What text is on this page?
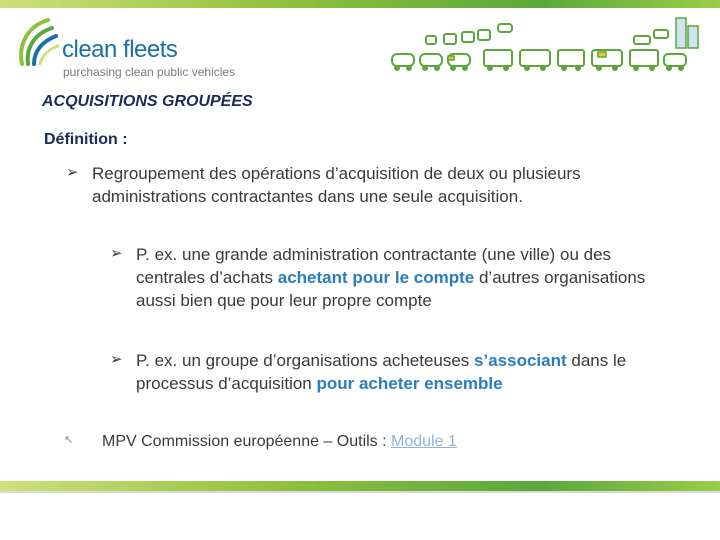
clean fleets
purchasing clean public vehicles
ACQUISITIONS GROUPÉES
Définition :
➢ Regroupement des opérations d’acquisition de deux ou plusieurs administrations contractantes dans une seule acquisition.
➢ P. ex. une grande administration contractante (une ville) ou des centrales d’achats achetant pour le compte d’autres organisations aussi bien que pour leur propre compte
➢ P. ex. un groupe d’organisations acheteuses s’associant dans le processus d’acquisition pour acheter ensemble
↖ MPV Commission européenne – Outils : Module 1
